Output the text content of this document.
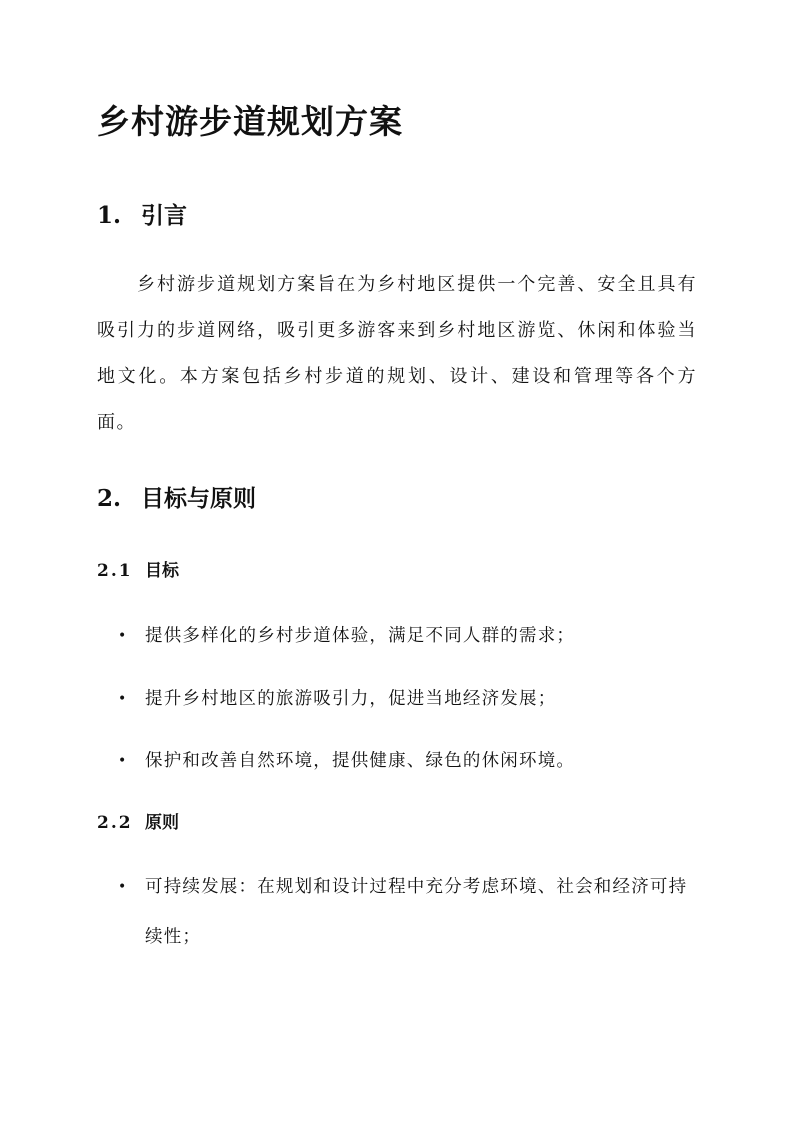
乡村游步道规划方案
1. 引言

乡村游步道规划方案旨在为乡村地区提供一个完善、安全且具有吸引力的步道网络，吸引更多游客来到乡村地区游览、休闲和体验当地文化。本方案包括乡村步道的规划、设计、建设和管理等各个方面。

2. 目标与原则
2.1 目标
•	提供多样化的乡村步道体验，满足不同人群的需求；
•	提升乡村地区的旅游吸引力，促进当地经济发展；
•	保护和改善自然环境，提供健康、绿色的休闲环境。
2.2 原则
•	可持续发展：在规划和设计过程中充分考虑环境、社会和经济可持续性；
